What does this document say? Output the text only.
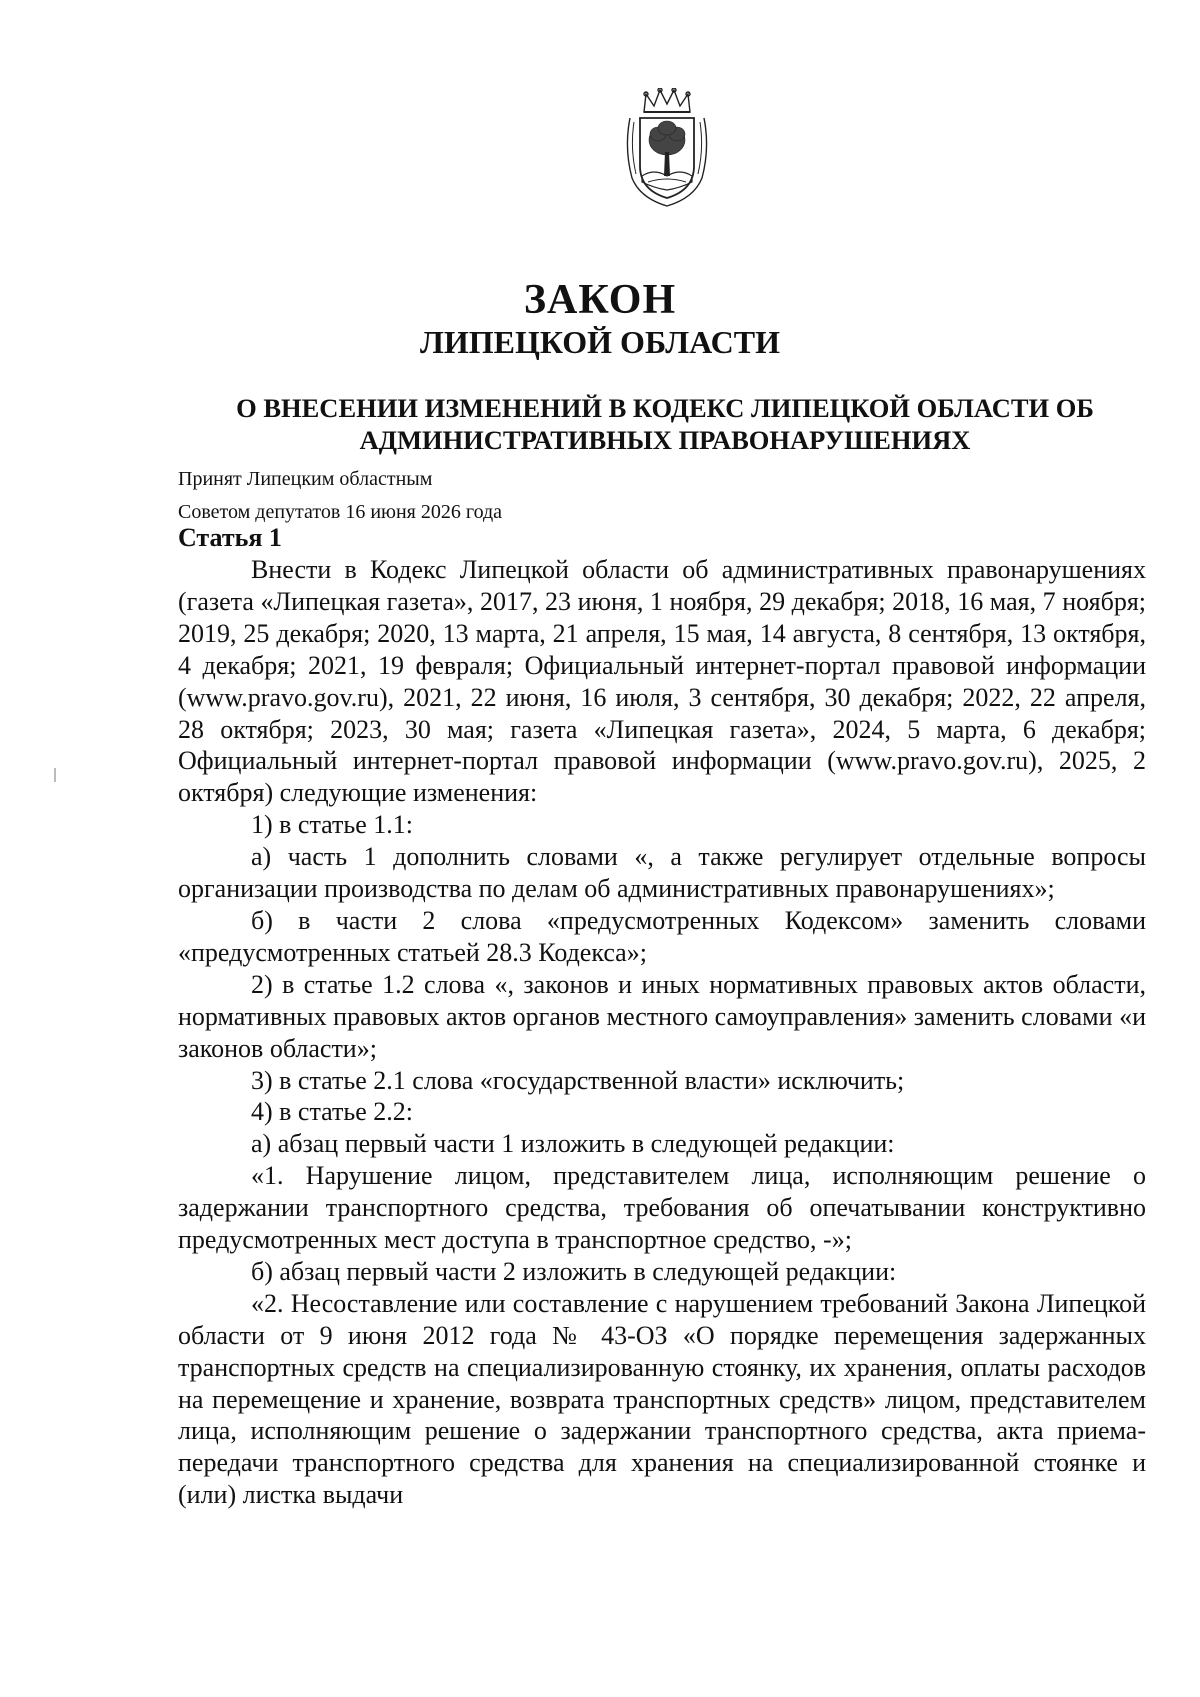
ЗАКОН
ЛИПЕЦКОЙ ОБЛАСТИ
О ВНЕСЕНИИ ИЗМЕНЕНИЙ В КОДЕКС ЛИПЕЦКОЙ ОБЛАСТИ ОБ АДМИНИСТРАТИВНЫХ ПРАВОНАРУШЕНИЯХ
Принят Липецким областным
Советом депутатов 16 июня 2026 года
Статья 1

Внести в Кодекс Липецкой области об административных правонарушениях (газета «Липецкая газета», 2017, 23 июня, 1 ноября, 29 декабря; 2018, 16 мая, 7 ноября; 2019, 25 декабря; 2020, 13 марта, 21 апреля, 15 мая, 14 августа, 8 сентября, 13 октября, 4 декабря; 2021, 19 февраля; Официальный интернет-портал правовой информации (www.pravo.gov.ru), 2021, 22 июня, 16 июля, 3 сентября, 30 декабря; 2022, 22 апреля, 28 октября; 2023, 30 мая; газета «Липецкая газета», 2024, 5 марта, 6 декабря; Официальный интернет-портал правовой информации (www.pravo.gov.ru), 2025, 2 октября) следующие изменения:

1) в статье 1.1:

а) часть 1 дополнить словами «, а также регулирует отдельные вопросы организации производства по делам об административных правонарушениях»;

б) в части 2 слова «предусмотренных Кодексом» заменить словами «предусмотренных статьей 28.3 Кодекса»;

2) в статье 1.2 слова «, законов и иных нормативных правовых актов области, нормативных правовых актов органов местного самоуправления» заменить словами «и законов области»;

3) в статье 2.1 слова «государственной власти» исключить;

4) в статье 2.2:

а) абзац первый части 1 изложить в следующей редакции:

«1. Нарушение лицом, представителем лица, исполняющим решение о задержании транспортного средства, требования об опечатывании конструктивно предусмотренных мест доступа в транспортное средство, -»;

б) абзац первый части 2 изложить в следующей редакции:

«2. Несоставление или составление с нарушением требований Закона Липецкой области от 9 июня 2012 года № 43-ОЗ «О порядке перемещения задержанных транспортных средств на специализированную стоянку, их хранения, оплаты расходов на перемещение и хранение, возврата транспортных средств» лицом, представителем лица, исполняющим решение о задержании транспортного средства, акта приема-передачи транспортного средства для хранения на специализированной стоянке и (или) листка выдачи
